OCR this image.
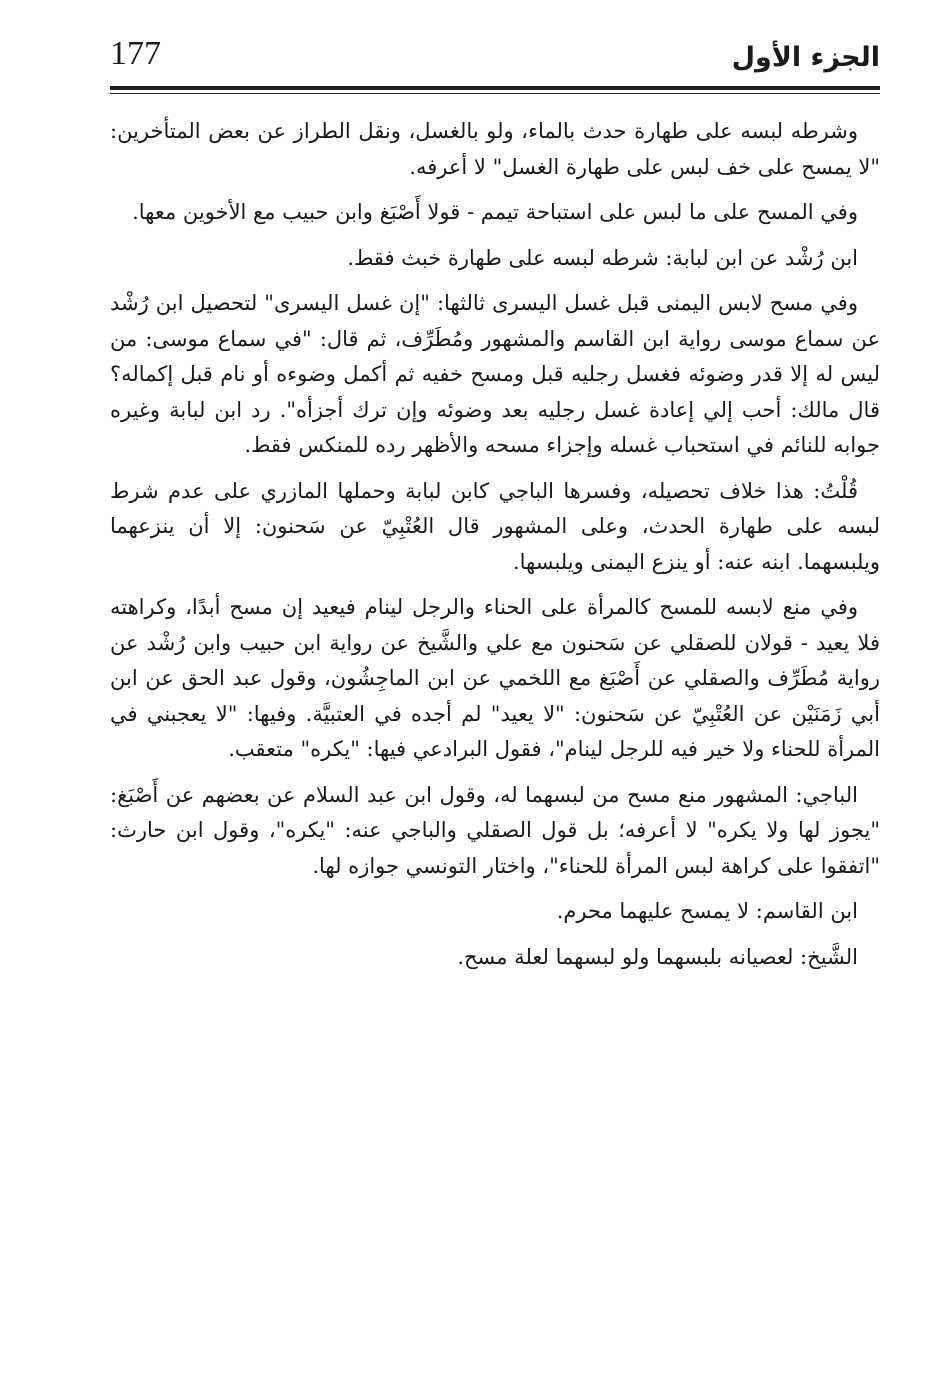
177	الجزء الأول

وشرطه لبسه على طهارة حدث بالماء، ولو بالغسل، ونقل الطراز عن بعض المتأخرين: "لا يمسح على خف لبس على طهارة الغسل" لا أعرفه.

وفي المسح على ما لبس على استباحة تيمم - قولا أَصْبَغ وابن حبيب مع الأخوين معها.

ابن رُشْد عن ابن لبابة: شرطه لبسه على طهارة خبث فقط.

وفي مسح لابس اليمنى قبل غسل اليسرى ثالثها: "إن غسل اليسرى" لتحصيل ابن رُشْد عن سماع موسى رواية ابن القاسم والمشهور ومُطَرِّف، ثم قال: "في سماع موسى: من ليس له إلا قدر وضوئه فغسل رجليه قبل ومسح خفيه ثم أكمل وضوءه أو نام قبل إكماله؟ قال مالك: أحب إلي إعادة غسل رجليه بعد وضوئه وإن ترك أجزأه". رد ابن لبابة وغيره جوابه للنائم في استحباب غسله وإجزاء مسحه والأظهر رده للمنكس فقط.

قُلْتُ: هذا خلاف تحصيله، وفسرها الباجي كابن لبابة وحملها المازري على عدم شرط لبسه على طهارة الحدث، وعلى المشهور قال العُتْبِيّ عن سَحنون: إلا أن ينزعهما ويلبسهما. ابنه عنه: أو ينزع اليمنى ويلبسها.

وفي منع لابسه للمسح كالمرأة على الحناء والرجل لينام فيعيد إن مسح أبدًا، وكراهته فلا يعيد - قولان للصقلي عن سَحنون مع علي والشَّيخ عن رواية ابن حبيب وابن رُشْد عن رواية مُطَرِّف والصقلي عن أَصْبَغ مع اللخمي عن ابن الماجِشُون، وقول عبد الحق عن ابن أبي زَمَنَيْن عن العُتْبِيّ عن سَحنون: "لا يعيد" لم أجده في العتبيَّة. وفيها: "لا يعجبني في المرأة للحناء ولا خير فيه للرجل لينام"، فقول البرادعي فيها: "يكره" متعقب.

الباجي: المشهور منع مسح من لبسهما له، وقول ابن عبد السلام عن بعضهم عن أَصْبَغ: "يجوز لها ولا يكره" لا أعرفه؛ بل قول الصقلي والباجي عنه: "يكره"، وقول ابن حارث: "اتفقوا على كراهة لبس المرأة للحناء"، واختار التونسي جوازه لها.

ابن القاسم: لا يمسح عليهما محرم.

الشَّيخ: لعصيانه بلبسهما ولو لبسهما لعلة مسح.
